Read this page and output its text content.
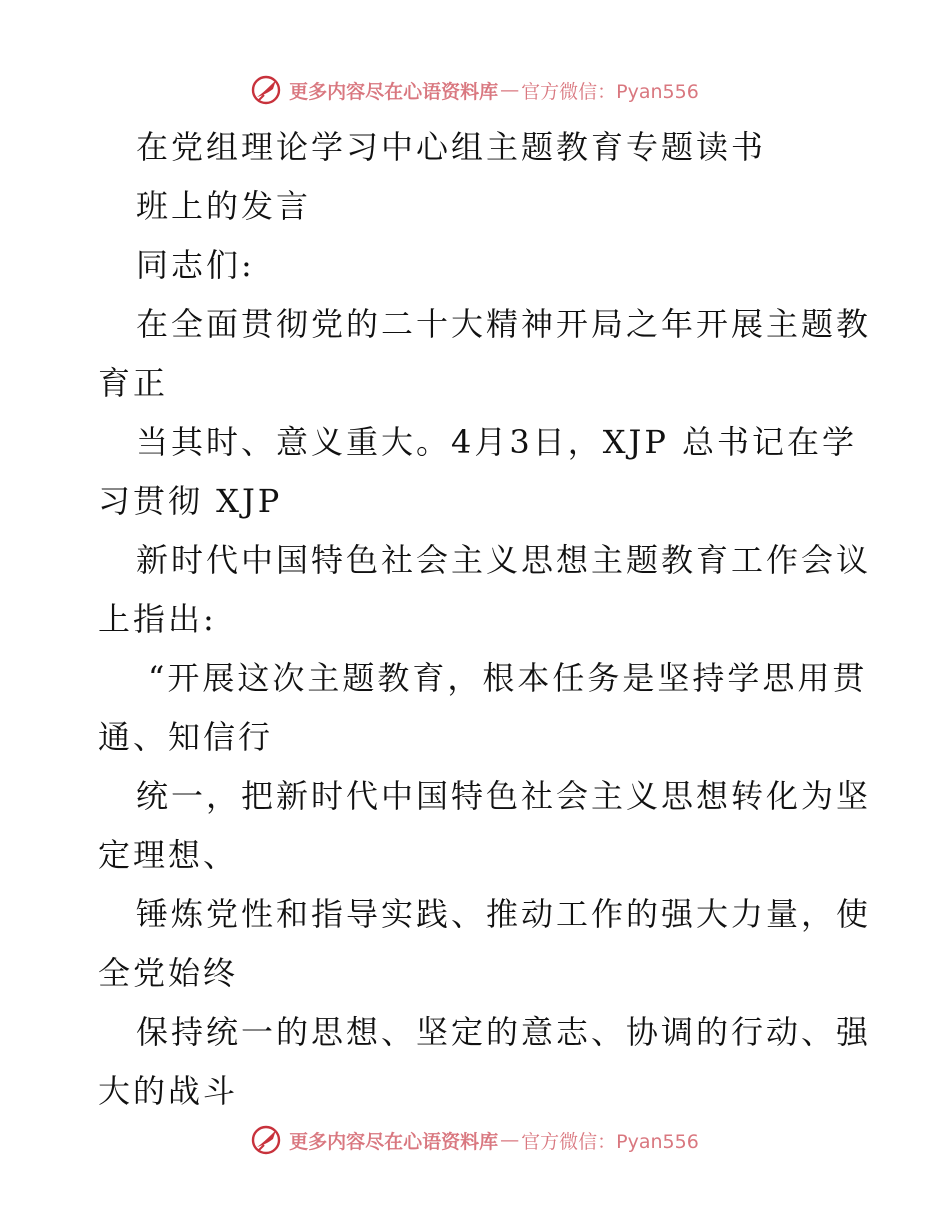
更多内容尽在心语资料库 — 官方微信：Pyan556
在党组理论学习中心组主题教育专题读书
班上的发言
同志们:
在全面贯彻党的二十大精神开局之年开展主题教
育正
当其时、意义重大。4月3日，XJP 总书记在学
习贯彻 XJP
新时代中国特色社会主义思想主题教育工作会议
上指出:
“开展这次主题教育，根本任务是坚持学思用贯
通、知信行
统一，把新时代中国特色社会主义思想转化为坚
定理想、
锤炼党性和指导实践、推动工作的强大力量，使
全党始终
保持统一的思想、坚定的意志、协调的行动、强
大的战斗
更多内容尽在心语资料库 — 官方微信：Pyan556
